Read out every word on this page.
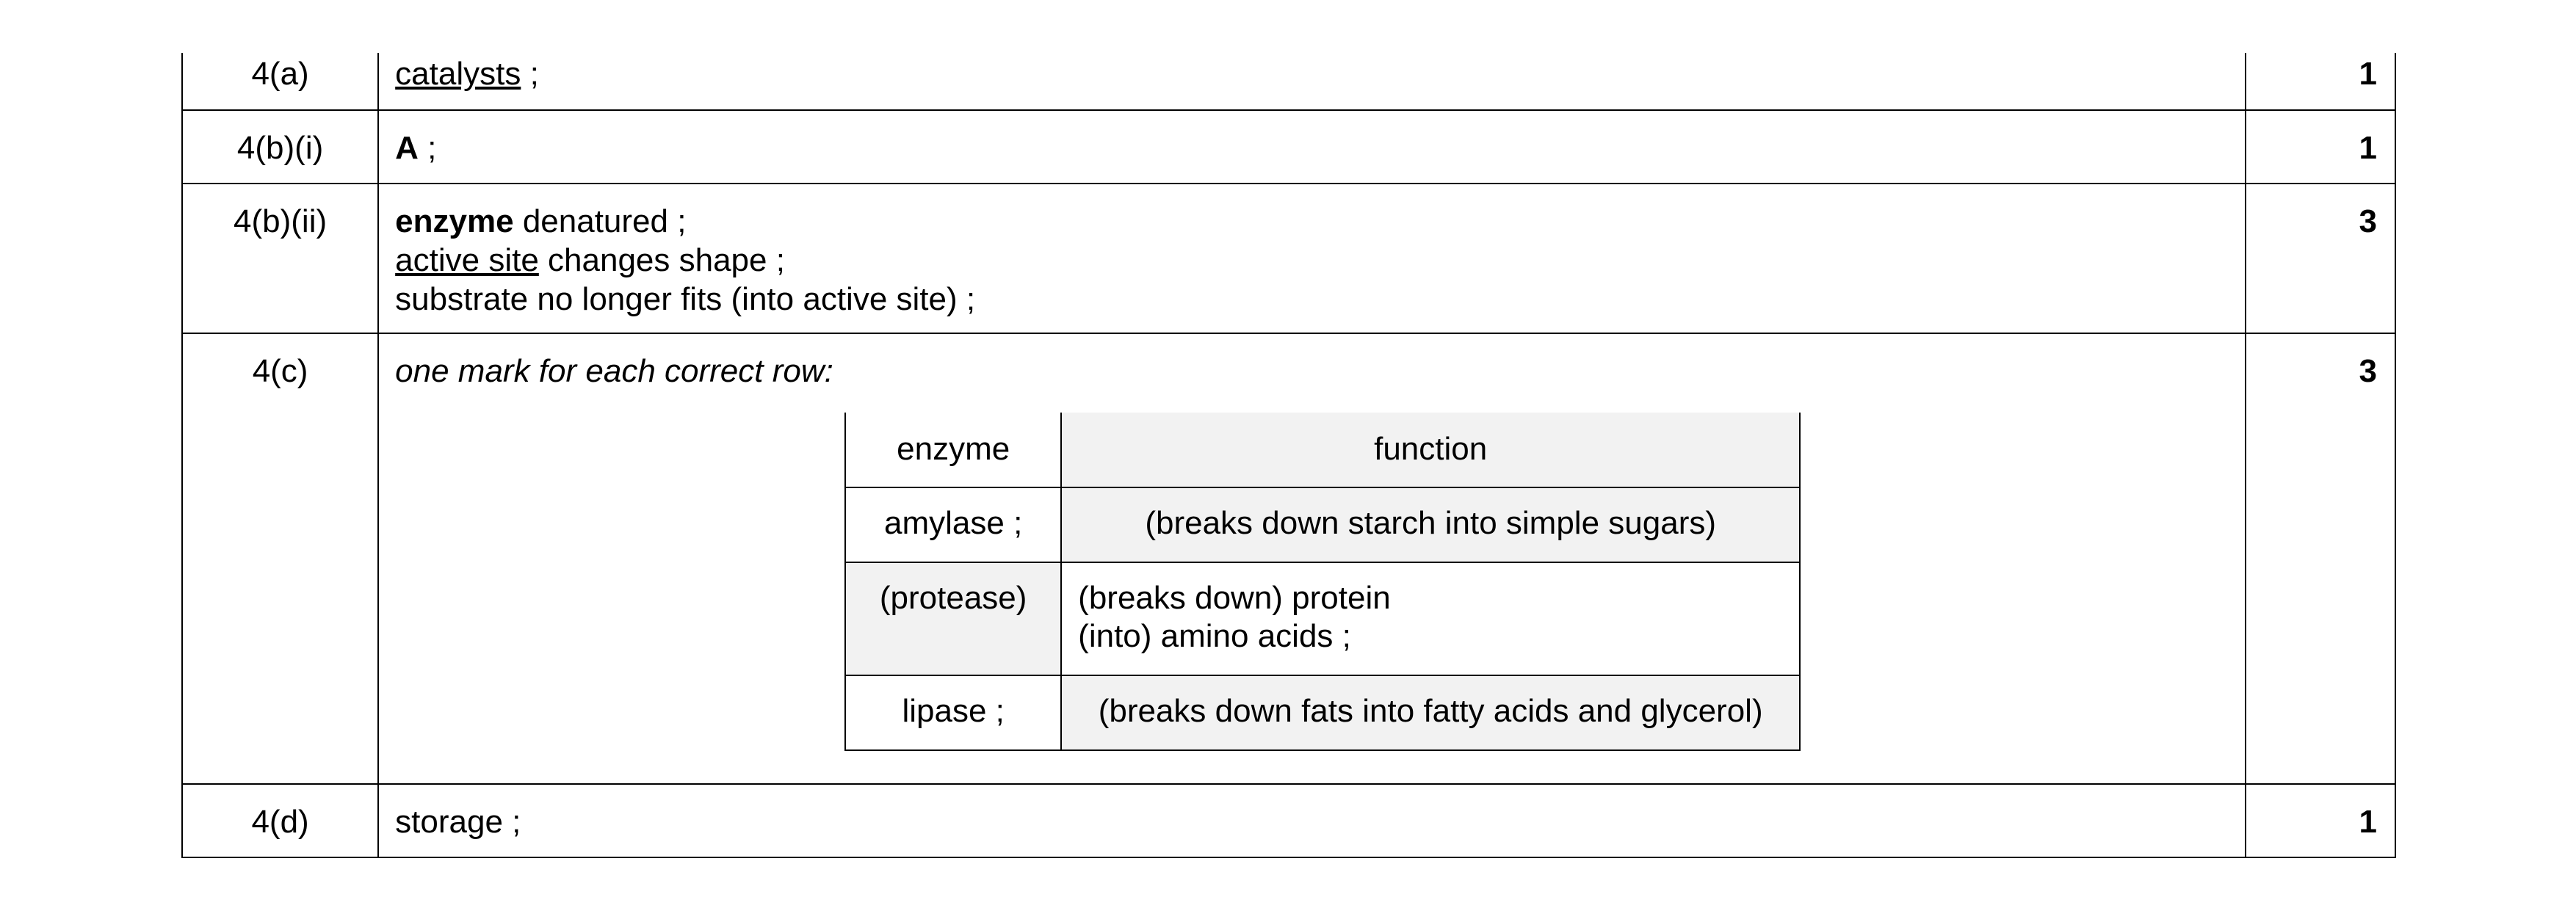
4(a)	catalysts ;	1
4(b)(i)	A ;	1
4(b)(ii)	enzyme denatured ;
active site changes shape ;
substrate no longer fits (into active site) ;
	3
4(c)	one mark for each correct row:
enzyme	function
amylase ;	(breaks down starch into simple sugars)
(protease)	(breaks down) protein
(into) amino acids ;

lipase ;	(breaks down fats into fatty acids and glycerol)
	3
4(d)	storage ;	1
